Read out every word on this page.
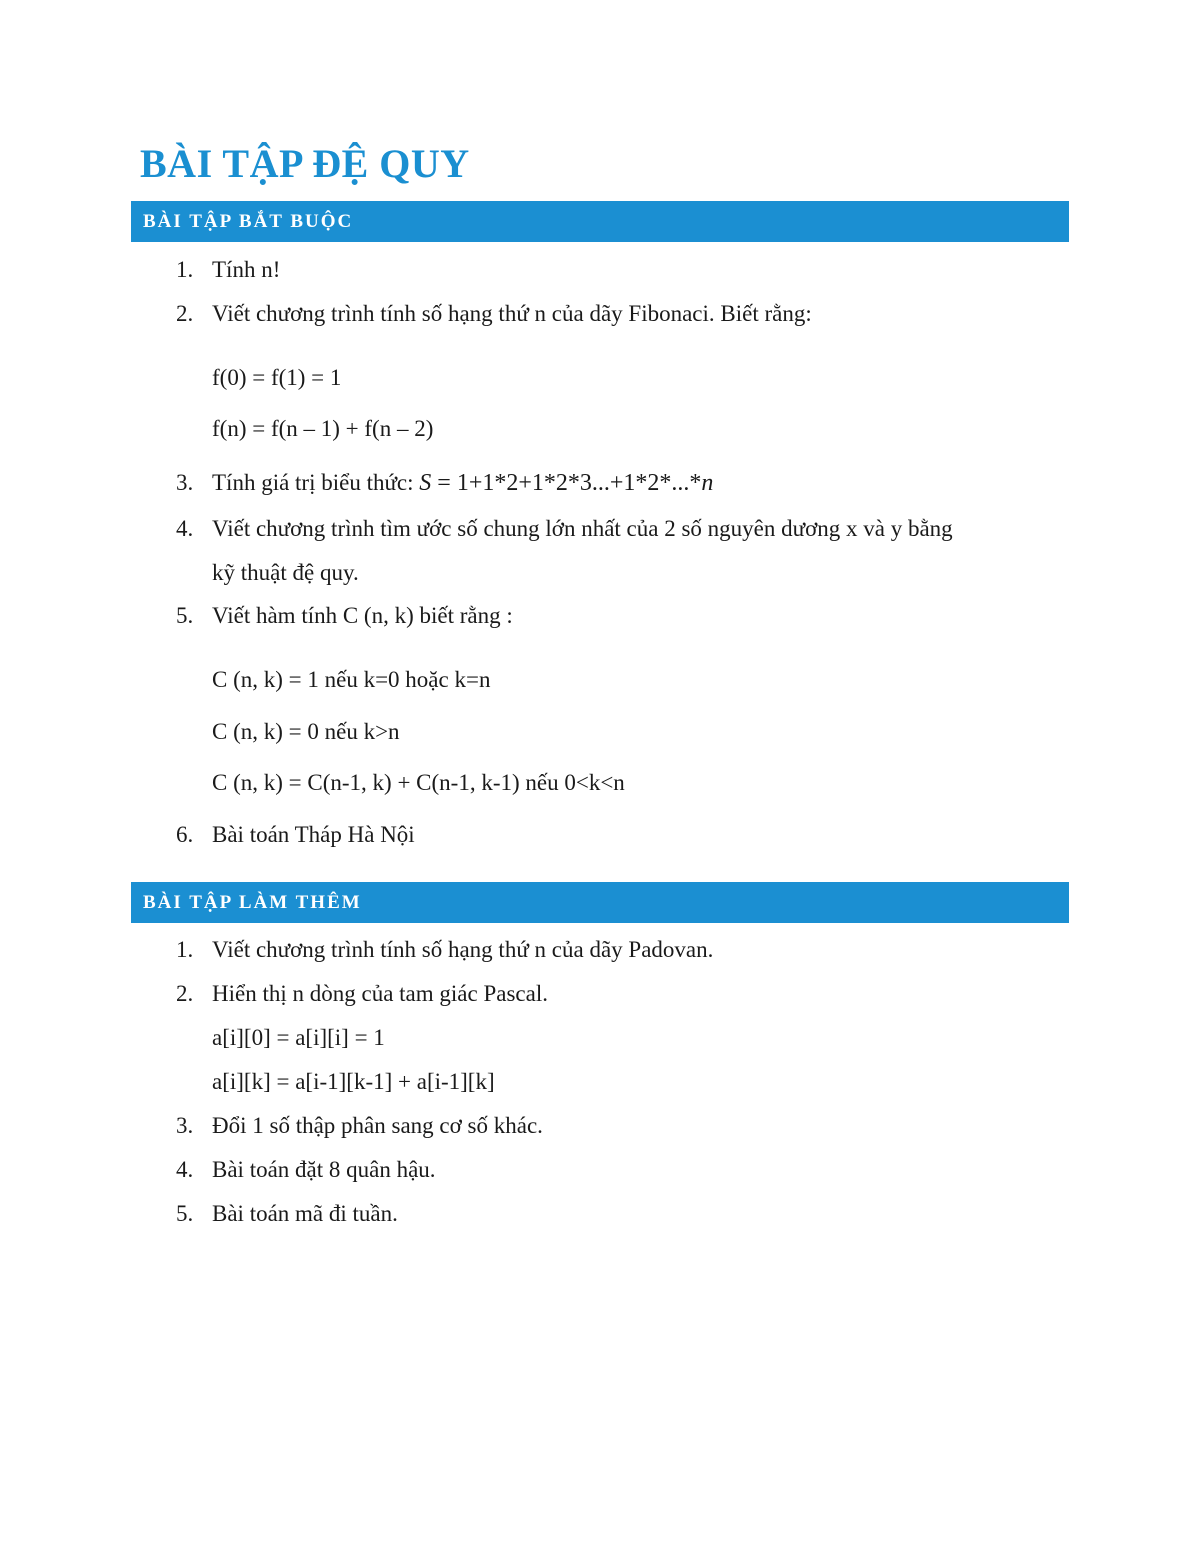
BÀI TẬP ĐỆ QUY
BÀI TẬP BẮT BUỘC
1. Tính n!
2. Viết chương trình tính số hạng thứ n của dãy Fibonaci. Biết rằng:
f(0) = f(1) = 1
f(n) = f(n – 1) + f(n – 2)
3. Tính giá trị biểu thức: S = 1+1*2+1*2*3...+1*2*...*n
4. Viết chương trình tìm ước số chung lớn nhất của 2 số nguyên dương x và y bằng
kỹ thuật đệ quy.
5. Viết hàm tính C (n, k) biết rằng :
C (n, k) = 1 nếu k=0 hoặc k=n
C (n, k) = 0 nếu k>n
C (n, k) = C(n-1, k) + C(n-1, k-1) nếu 0<k<n
6. Bài toán Tháp Hà Nội
BÀI TẬP LÀM THÊM
1. Viết chương trình tính số hạng thứ n của dãy Padovan.
2. Hiển thị n dòng của tam giác Pascal.
a[i][0] = a[i][i] = 1
a[i][k] = a[i-1][k-1] + a[i-1][k]
3. Đổi 1 số thập phân sang cơ số khác.
4. Bài toán đặt 8 quân hậu.
5. Bài toán mã đi tuần.
